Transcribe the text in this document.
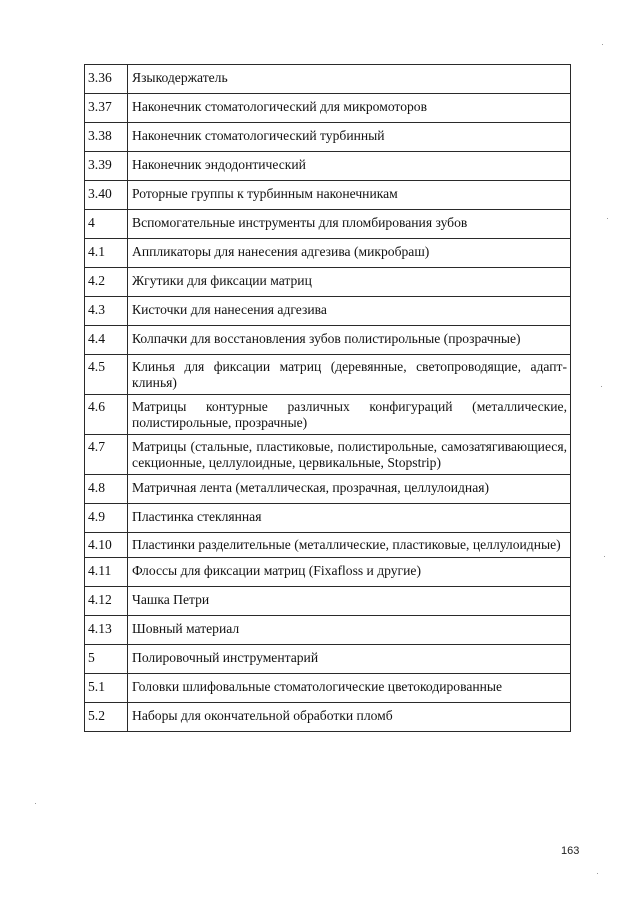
3.36	Языкодержатель
3.37	Наконечник стоматологический для микромоторов
3.38	Наконечник стоматологический турбинный
3.39	Наконечник эндодонтический
3.40	Роторные группы к турбинным наконечникам
4	Вспомогательные инструменты для пломбирования зубов
4.1	Аппликаторы для нанесения адгезива (микробраш)
4.2	Жгутики для фиксации матриц
4.3	Кисточки для нанесения адгезива
4.4	Колпачки для восстановления зубов полистирольные (прозрачные)
4.5	Клинья для фиксации матриц (деревянные, светопроводящие, адапт-клинья)
4.6	Матрицы контурные различных конфигураций (металлические, полистирольные, прозрачные)
4.7	Матрицы (стальные, пластиковые, полистирольные, самозатягивающиеся, секционные, целлулоидные, цервикальные, Stopstrip)
4.8	Матричная лента (металлическая, прозрачная, целлулоидная)
4.9	Пластинка стеклянная
4.10	Пластинки разделительные (металлические, пластиковые, целлулоидные)
4.11	Флоссы для фиксации матриц (Fixafloss и другие)
4.12	Чашка Петри
4.13	Шовный материал
5	Полировочный инструментарий
5.1	Головки шлифовальные стоматологические цветокодированные
5.2	Наборы для окончательной обработки пломб
163
